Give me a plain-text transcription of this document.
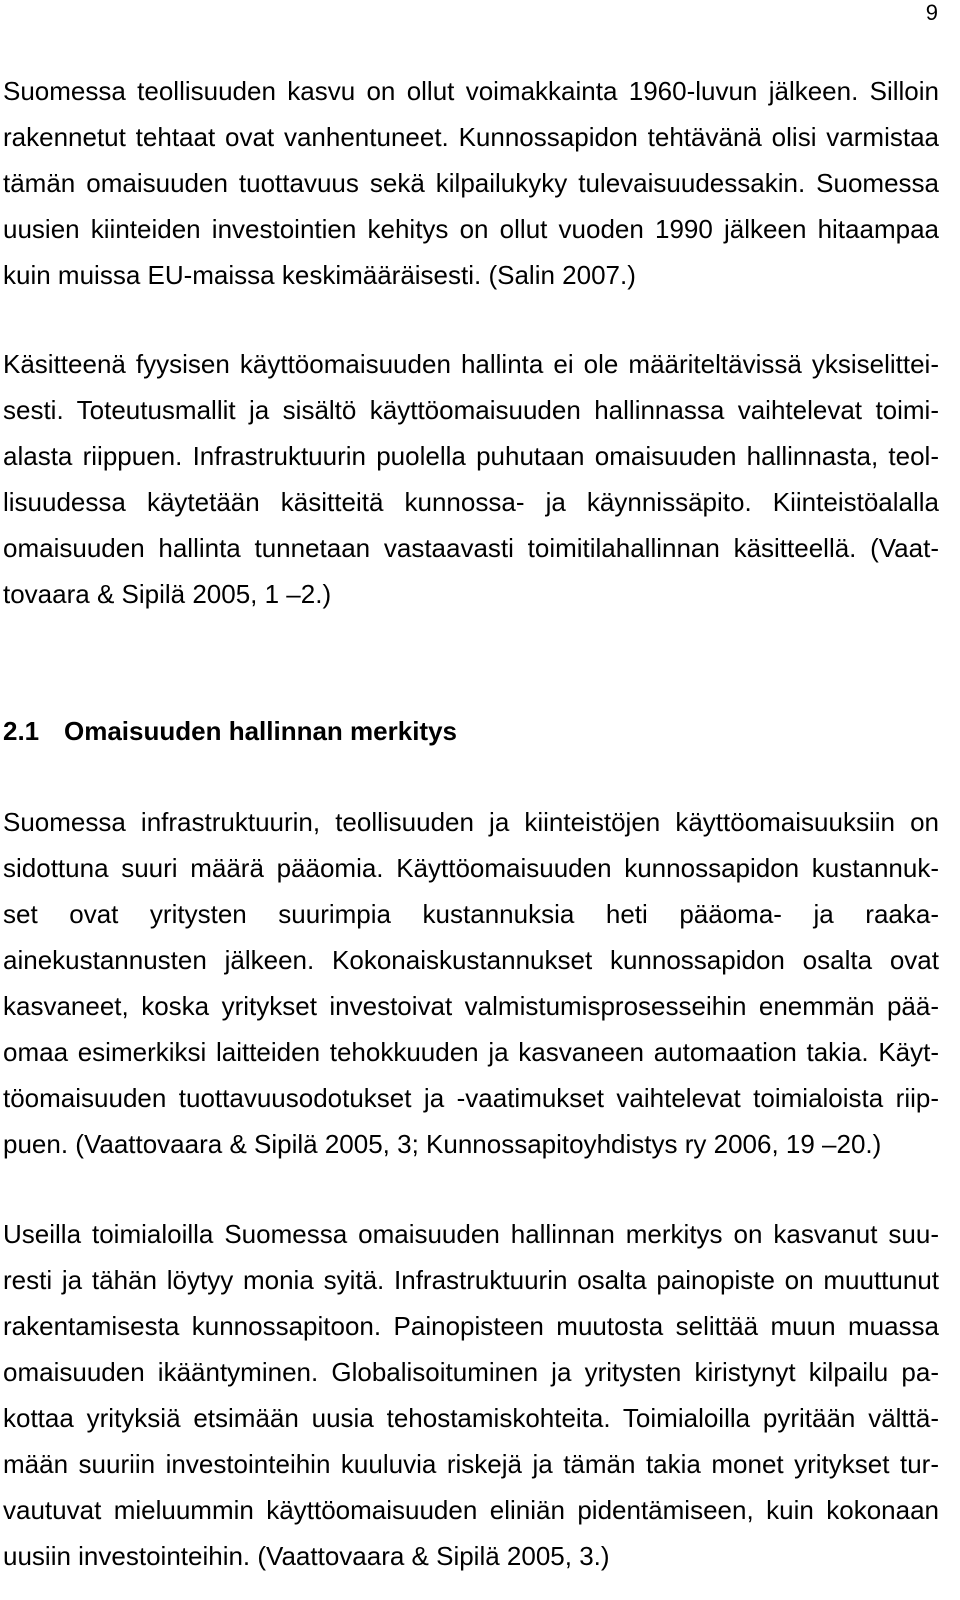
9
Suomessa teollisuuden kasvu on ollut voimakkainta 1960-luvun jälkeen. Silloin
rakennetut tehtaat ovat vanhentuneet. Kunnossapidon tehtävänä olisi varmistaa
tämän omaisuuden tuottavuus sekä kilpailukyky tulevaisuudessakin. Suomessa
uusien kiinteiden investointien kehitys on ollut vuoden 1990 jälkeen hitaampaa
kuin muissa EU-maissa keskimääräisesti. (Salin 2007.)
Käsitteenä fyysisen käyttöomaisuuden hallinta ei ole määriteltävissä yksiselittei-
sesti. Toteutusmallit ja sisältö käyttöomaisuuden hallinnassa vaihtelevat toimi-
alasta riippuen. Infrastruktuurin puolella puhutaan omaisuuden hallinnasta, teol-
lisuudessa käytetään käsitteitä kunnossa- ja käynnissäpito. Kiinteistöalalla
omaisuuden hallinta tunnetaan vastaavasti toimitilahallinnan käsitteellä. (Vaat-
tovaara & Sipilä 2005, 1 –2.)
2.1 Omaisuuden hallinnan merkitys
Suomessa infrastruktuurin, teollisuuden ja kiinteistöjen käyttöomaisuuksiin on
sidottuna suuri määrä pääomia. Käyttöomaisuuden kunnossapidon kustannuk-
set ovat yritysten suurimpia kustannuksia heti pääoma- ja raaka-
ainekustannusten jälkeen. Kokonaiskustannukset kunnossapidon osalta ovat
kasvaneet, koska yritykset investoivat valmistumisprosesseihin enemmän pää-
omaa esimerkiksi laitteiden tehokkuuden ja kasvaneen automaation takia. Käyt-
töomaisuuden tuottavuusodotukset ja -vaatimukset vaihtelevat toimialoista riip-
puen. (Vaattovaara & Sipilä 2005, 3; Kunnossapitoyhdistys ry 2006, 19 –20.)
Useilla toimialoilla Suomessa omaisuuden hallinnan merkitys on kasvanut suu-
resti ja tähän löytyy monia syitä. Infrastruktuurin osalta painopiste on muuttunut
rakentamisesta kunnossapitoon. Painopisteen muutosta selittää muun muassa
omaisuuden ikääntyminen. Globalisoituminen ja yritysten kiristynyt kilpailu pa-
kottaa yrityksiä etsimään uusia tehostamiskohteita. Toimialoilla pyritään välttä-
mään suuriin investointeihin kuuluvia riskejä ja tämän takia monet yritykset tur-
vautuvat mieluummin käyttöomaisuuden eliniän pidentämiseen, kuin kokonaan
uusiin investointeihin. (Vaattovaara & Sipilä 2005, 3.)
